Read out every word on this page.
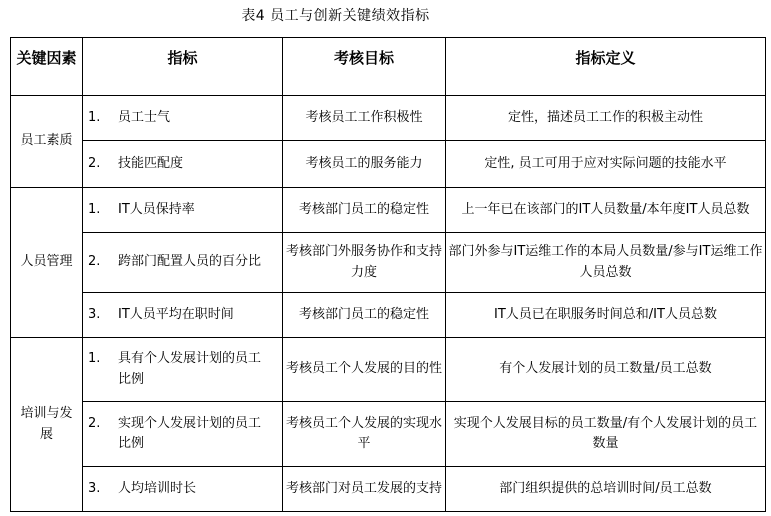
表4 员工与创新关键绩效指标
关键因素	指标	考核目标	指标定义
员工素质	1. 员工士气	考核员工工作积极性	定性，描述员工工作的积极主动性

	2. 技能匹配度	考核员工的服务能力	定性, 员工可用于应对实际问题的技能水平
人员管理	1. IT人员保持率	考核部门员工的稳定性	上一年已在该部门的IT人员数量/本年度IT人员总数

	2. 跨部门配置人员的百分比	考核部门外服务协作和支持力度	部门外参与IT运维工作的本局人员数量/参与IT运维工作人员总数

	3. IT人员平均在职时间	考核部门员工的稳定性	IT人员已在职服务时间总和/IT人员总数
培训与发展	1. 具有个人发展计划的员工比例	考核员工个人发展的目的性	有个人发展计划的员工数量/员工总数

	2. 实现个人发展计划的员工比例	考核员工个人发展的实现水平	实现个人发展目标的员工数量/有个人发展计划的员工数量

	3. 人均培训时长	考核部门对员工发展的支持	部门组织提供的总培训时间/员工总数
